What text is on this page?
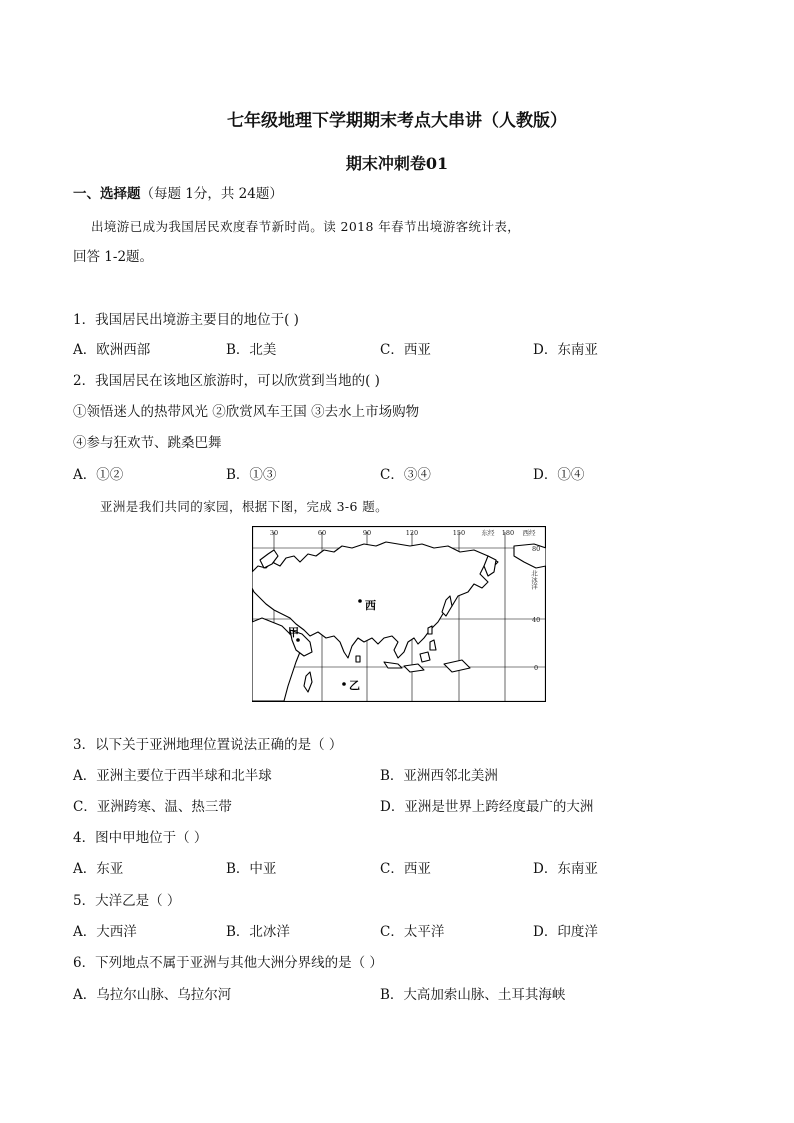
七年级地理下学期期末考点大串讲（人教版）
期末冲刺卷01
一、选择题（每题 1分，共 24题）
出境游已成为我国居民欢度春节新时尚。读 2018 年春节出境游客统计表，
回答 1-2题。
1．我国居民出境游主要目的地位于( )
A．欧洲西部	B．北美	C．西亚	D．东南亚
2．我国居民在该地区旅游时，可以欣赏到当地的( )
①领悟迷人的热带风光 ②欣赏风车王国 ③去水上市场购物
④参与狂欢节、跳桑巴舞
A．①②	B．①③	C．③④	D．①④
亚洲是我们共同的家园，根据下图，完成 3-6 题。
30	60	90	120	150	东经 180 西经
80
北冰洋
40
0
西
甲
乙
3．以下关于亚洲地理位置说法正确的是（ ）
A．亚洲主要位于西半球和北半球	B．亚洲西邻北美洲
C．亚洲跨寒、温、热三带	D．亚洲是世界上跨经度最广的大洲
4．图中甲地位于（ ）
A．东亚	B．中亚	C．西亚	D．东南亚
5．大洋乙是（ ）
A．大西洋	B．北冰洋	C．太平洋	D．印度洋
6．下列地点不属于亚洲与其他大洲分界线的是（ ）
A．乌拉尔山脉、乌拉尔河	B．大高加索山脉、土耳其海峡
